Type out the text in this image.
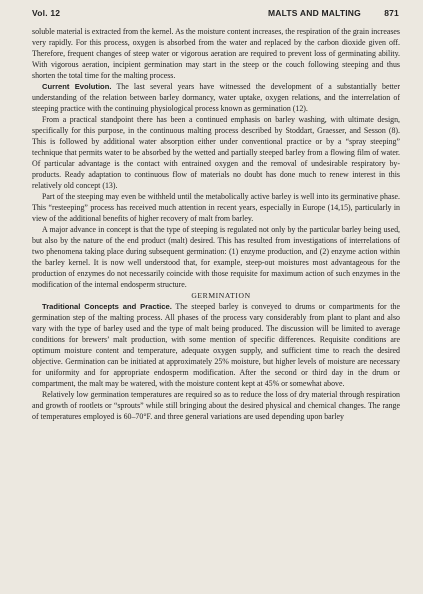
Vol. 12	MALTS AND MALTING	871

soluble material is extracted from the kernel. As the moisture content increases, the respiration of the grain increases very rapidly. For this process, oxygen is absorbed from the water and replaced by the carbon dioxide given off. Therefore, frequent changes of steep water or vigorous aeration are required to prevent loss of germinating ability. With vigorous aeration, incipient germination may start in the steep or the couch following steeping and thus shorten the total time for the malting process.

Current Evolution. The last several years have witnessed the development of a substantially better understanding of the relation between barley dormancy, water uptake, oxygen relations, and the interrelation of steeping practice with the continuing physiological process known as germination (12).

From a practical standpoint there has been a continued emphasis on barley washing, with ultimate design, specifically for this purpose, in the continuous malting process described by Stoddart, Graesser, and Sesson (8). This is followed by additional water absorption either under conventional practice or by a “spray steeping” technique that permits water to be absorbed by the wetted and partially steeped barley from a flowing film of water. Of particular advantage is the contact with entrained oxygen and the removal of undesirable respiratory by-products. Ready adaptation to continuous flow of materials no doubt has done much to renew interest in this relatively old concept (13).

Part of the steeping may even be withheld until the metabolically active barley is well into its germinative phase. This “resteeping” process has received much attention in recent years, especially in Europe (14,15), particularly in view of the additional benefits of higher recovery of malt from barley.

A major advance in concept is that the type of steeping is regulated not only by the particular barley being used, but also by the nature of the end product (malt) desired. This has resulted from investigations of interrelations of two phenomena taking place during subsequent germination: (1) enzyme production, and (2) enzyme action within the barley kernel. It is now well understood that, for example, steep-out moistures most advantageous for the production of enzymes do not necessarily coincide with those requisite for maximum action of such enzymes in the modification of the internal endosperm structure.

GERMINATION

Traditional Concepts and Practice. The steeped barley is conveyed to drums or compartments for the germination step of the malting process. All phases of the process vary considerably from plant to plant and also vary with the type of barley used and the type of malt being produced. The discussion will be limited to average conditions for brewers’ malt production, with some mention of specific differences. Requisite conditions are optimum moisture content and temperature, adequate oxygen supply, and sufficient time to reach the desired objective. Germination can be initiated at approximately 25% moisture, but higher levels of moisture are necessary for uniformity and for appropriate endosperm modification. After the second or third day in the drum or compartment, the malt may be watered, with the moisture content kept at 45% or somewhat above.

Relatively low germination temperatures are required so as to reduce the loss of dry material through respiration and growth of rootlets or “sprouts” while still bringing about the desired physical and chemical changes. The range of temperatures employed is 60–70°F. and three general variations are used depending upon barley
